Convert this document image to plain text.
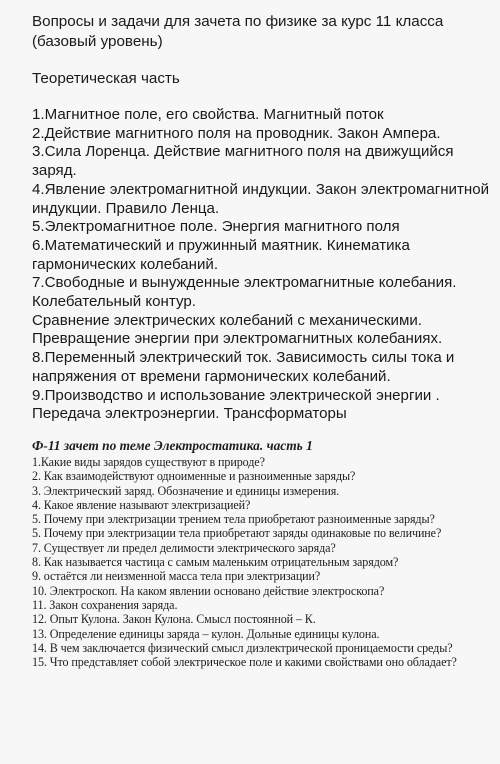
Вопросы и задачи для зачета по физике за курс 11 класса (базовый уровень)
Теоретическая часть
1.Магнитное поле, его свойства. Магнитный поток
2.Действие магнитного поля на проводник. Закон Ампера.
3.Сила Лоренца. Действие магнитного поля на движущийся заряд.
4.Явление электромагнитной индукции. Закон электромагнитной индукции. Правило Ленца.
5.Электромагнитное поле. Энергия магнитного поля
6.Математический и пружинный маятник. Кинематика гармонических колебаний.
7.Свободные и вынужденные электромагнитные колебания. Колебательный контур.
Сравнение электрических колебаний с механическими. Превращение энергии при электромагнитных колебаниях.
8.Переменный электрический ток. Зависимость силы тока и напряжения от времени гармонических колебаний.
9.Производство и использование электрической энергии . Передача электроэнергии. Трансформаторы
Ф-11 зачет по теме Электростатика. часть 1
1.Какие виды зарядов существуют в природе?
2. Как взаимодействуют одноименные и разноименные заряды?
3. Электрический заряд. Обозначение и единицы измерения.
4. Какое явление называют электризацией?
5. Почему при электризации трением тела приобретают разноименные заряды?
5. Почему при электризации тела приобретают заряды одинаковые по величине?
7. Существует ли предел делимости электрического заряда?
8. Как называется частица с самым маленьким отрицательным зарядом?
9. остаётся ли неизменной масса тела при электризации?
10. Электроскоп. На каком явлении основано действие электроскопа?
11. Закон сохранения заряда.
12. Опыт Кулона. Закон Кулона. Смысл постоянной – К.
13. Определение единицы заряда – кулон. Дольные единицы кулона.
14. В чем заключается физический смысл диэлектрической проницаемости среды?
15. Что представляет собой электрическое поле и какими свойствами оно обладает?
